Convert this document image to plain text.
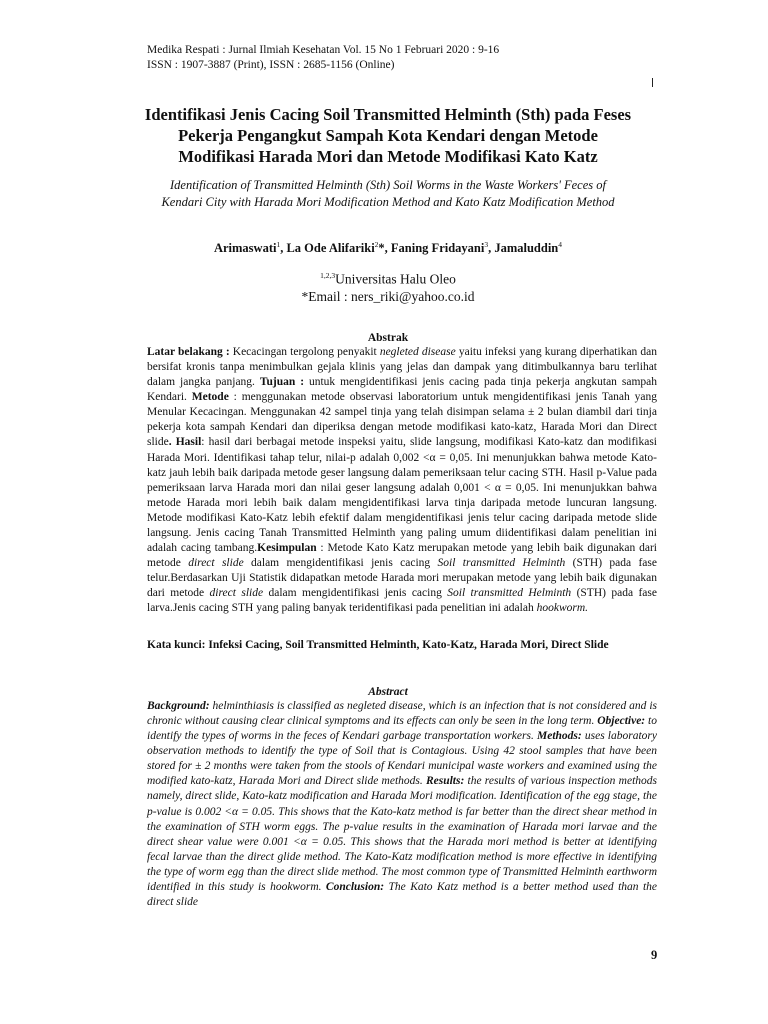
Medika Respati : Jurnal Ilmiah Kesehatan Vol. 15 No 1 Februari 2020 : 9-16
ISSN : 1907-3887 (Print), ISSN : 2685-1156 (Online)
Identifikasi Jenis Cacing Soil Transmitted Helminth (Sth) pada Feses Pekerja Pengangkut Sampah Kota Kendari dengan Metode Modifikasi Harada Mori dan Metode Modifikasi Kato Katz

Identification of Transmitted Helminth (Sth) Soil Worms in the Waste Workers' Feces of Kendari City with Harada Mori Modification Method and Kato Katz Modification Method

Arimaswati$^1$, La Ode Alifariki$^2$*, Faning Fridayani$^3$, Jamaluddin$^4$
$^{1,2,3}$Universitas Halu Oleo
*Email : ners_riki@yahoo.co.id
Abstrak

Latar belakang : Kecacingan tergolong penyakit negleted disease yaitu infeksi yang kurang diperhatikan dan bersifat kronis tanpa menimbulkan gejala klinis yang jelas dan dampak yang ditimbulkannya baru terlihat dalam jangka panjang. Tujuan : untuk mengidentifikasi jenis cacing pada tinja pekerja angkutan sampah Kendari. Metode : menggunakan metode observasi laboratorium untuk mengidentifikasi jenis Tanah yang Menular Kecacingan. Menggunakan 42 sampel tinja yang telah disimpan selama ± 2 bulan diambil dari tinja pekerja kota sampah Kendari dan diperiksa dengan metode modifikasi kato-katz, Harada Mori dan Direct slide. Hasil: hasil dari berbagai metode inspeksi yaitu, slide langsung, modifikasi Kato-katz dan modifikasi Harada Mori. Identifikasi tahap telur, nilai-p adalah 0,002 <α = 0,05. Ini menunjukkan bahwa metode Kato-katz jauh lebih baik daripada metode geser langsung dalam pemeriksaan telur cacing STH. Hasil p-Value pada pemeriksaan larva Harada mori dan nilai geser langsung adalah 0,001 < α = 0,05. Ini menunjukkan bahwa metode Harada mori lebih baik dalam mengidentifikasi larva tinja daripada metode luncuran langsung. Metode modifikasi Kato-Katz lebih efektif dalam mengidentifikasi jenis telur cacing daripada metode slide langsung. Jenis cacing Tanah Transmitted Helminth yang paling umum diidentifikasi dalam penelitian ini adalah cacing tambang.Kesimpulan : Metode Kato Katz merupakan metode yang lebih baik digunakan dari metode direct slide dalam mengidentifikasi jenis cacing Soil transmitted Helminth (STH) pada fase telur.Berdasarkan Uji Statistik didapatkan metode Harada mori merupakan metode yang lebih baik digunakan dari metode direct slide dalam mengidentifikasi jenis cacing Soil transmitted Helminth (STH) pada fase larva.Jenis cacing STH yang paling banyak teridentifikasi pada penelitian ini adalah hookworm.

Kata kunci: Infeksi Cacing, Soil Transmitted Helminth, Kato-Katz, Harada Mori, Direct Slide
Abstract

Background: helminthiasis is classified as negleted disease, which is an infection that is not considered and is chronic without causing clear clinical symptoms and its effects can only be seen in the long term. Objective: to identify the types of worms in the feces of Kendari garbage transportation workers. Methods: uses laboratory observation methods to identify the type of Soil that is Contagious. Using 42 stool samples that have been stored for ± 2 months were taken from the stools of Kendari municipal waste workers and examined using the modified kato-katz, Harada Mori and Direct slide methods. Results: the results of various inspection methods namely, direct slide, Kato-katz modification and Harada Mori modification. Identification of the egg stage, the p-value is 0.002 <α = 0.05. This shows that the Kato-katz method is far better than the direct shear method in the examination of STH worm eggs. The p-value results in the examination of Harada mori larvae and the direct shear value were 0.001 <α = 0.05. This shows that the Harada mori method is better at identifying fecal larvae than the direct glide method. The Kato-Katz modification method is more effective in identifying the type of worm egg than the direct slide method. The most common type of Transmitted Helminth earthworm identified in this study is hookworm. Conclusion: The Kato Katz method is a better method used than the direct slide

9
